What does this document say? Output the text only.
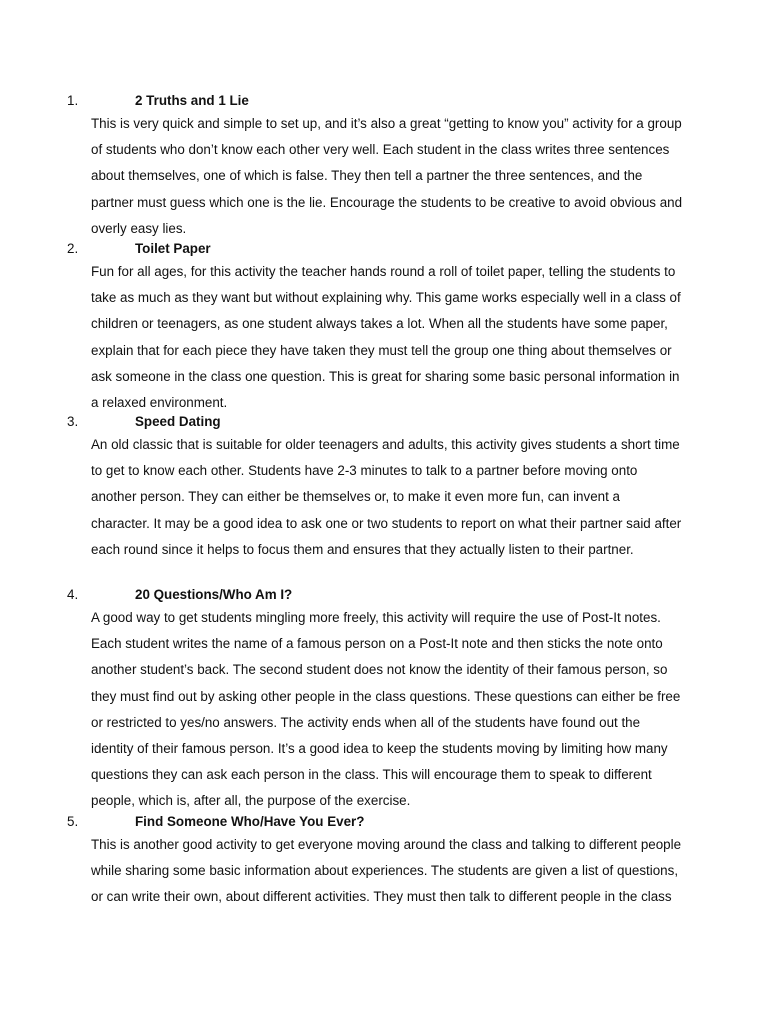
1.	2 Truths and 1 Lie
This is very quick and simple to set up, and it’s also a great “getting to know you” activity for a group
of students who don’t know each other very well. Each student in the class writes three sentences
about themselves, one of which is false. They then tell a partner the three sentences, and the
partner must guess which one is the lie. Encourage the students to be creative to avoid obvious and
overly easy lies.
2.	Toilet Paper
Fun for all ages, for this activity the teacher hands round a roll of toilet paper, telling the students to
take as much as they want but without explaining why. This game works especially well in a class of
children or teenagers, as one student always takes a lot. When all the students have some paper,
explain that for each piece they have taken they must tell the group one thing about themselves or
ask someone in the class one question. This is great for sharing some basic personal information in
a relaxed environment.
3.	Speed Dating
An old classic that is suitable for older teenagers and adults, this activity gives students a short time
to get to know each other. Students have 2-3 minutes to talk to a partner before moving onto
another person. They can either be themselves or, to make it even more fun, can invent a
character. It may be a good idea to ask one or two students to report on what their partner said after
each round since it helps to focus them and ensures that they actually listen to their partner.
4.	20 Questions/Who Am I?
A good way to get students mingling more freely, this activity will require the use of Post-It notes.
Each student writes the name of a famous person on a Post-It note and then sticks the note onto
another student’s back. The second student does not know the identity of their famous person, so
they must find out by asking other people in the class questions. These questions can either be free
or restricted to yes/no answers. The activity ends when all of the students have found out the
identity of their famous person. It’s a good idea to keep the students moving by limiting how many
questions they can ask each person in the class. This will encourage them to speak to different
people, which is, after all, the purpose of the exercise.
5.	Find Someone Who/Have You Ever?
This is another good activity to get everyone moving around the class and talking to different people
while sharing some basic information about experiences. The students are given a list of questions,
or can write their own, about different activities. They must then talk to different people in the class
